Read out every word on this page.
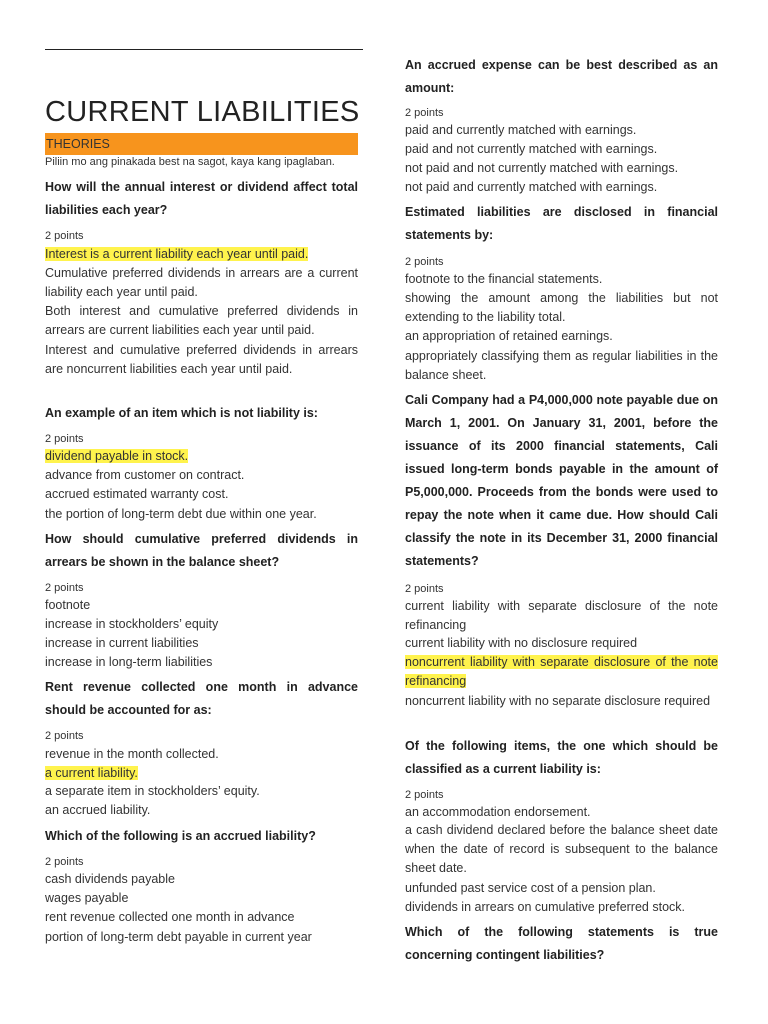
CURRENT LIABILITIES
THEORIES
Piliin mo ang pinakada best na sagot, kaya kang ipaglaban.
How will the annual interest or dividend affect total liabilities each year?
2 points
Interest is a current liability each year until paid.
Cumulative preferred dividends in arrears are a current liability each year until paid.
Both interest and cumulative preferred dividends in arrears are current liabilities each year until paid.
Interest and cumulative preferred dividends in arrears are noncurrent liabilities each year until paid.
An example of an item which is not liability is:
2 points
dividend payable in stock.
advance from customer on contract.
accrued estimated warranty cost.
the portion of long-term debt due within one year.
How should cumulative preferred dividends in arrears be shown in the balance sheet?
2 points
footnote
increase in stockholders’ equity
increase in current liabilities
increase in long-term liabilities
Rent revenue collected one month in advance should be accounted for as:
2 points
revenue in the month collected.
a current liability.
a separate item in stockholders’ equity.
an accrued liability.
Which of the following is an accrued liability?
2 points
cash dividends payable
wages payable
rent revenue collected one month in advance
portion of long-term debt payable in current year
An accrued expense can be best described as an amount:
2 points
paid and currently matched with earnings.
paid and not currently matched with earnings.
not paid and not currently matched with earnings.
not paid and currently matched with earnings.
Estimated liabilities are disclosed in financial statements by:
2 points
footnote to the financial statements.
showing the amount among the liabilities but not extending to the liability total.
an appropriation of retained earnings.
appropriately classifying them as regular liabilities in the balance sheet.
Cali Company had a P4,000,000 note payable due on March 1, 2001. On January 31, 2001, before the issuance of its 2000 financial statements, Cali issued long-term bonds payable in the amount of P5,000,000. Proceeds from the bonds were used to repay the note when it came due. How should Cali classify the note in its December 31, 2000 financial statements?
2 points
current liability with separate disclosure of the note refinancing
current liability with no disclosure required
noncurrent liability with separate disclosure of the note refinancing
noncurrent liability with no separate disclosure required
Of the following items, the one which should be classified as a current liability is:
2 points
an accommodation endorsement.
a cash dividend declared before the balance sheet date when the date of record is subsequent to the balance sheet date.
unfunded past service cost of a pension plan.
dividends in arrears on cumulative preferred stock.
Which of the following statements is true concerning contingent liabilities?
